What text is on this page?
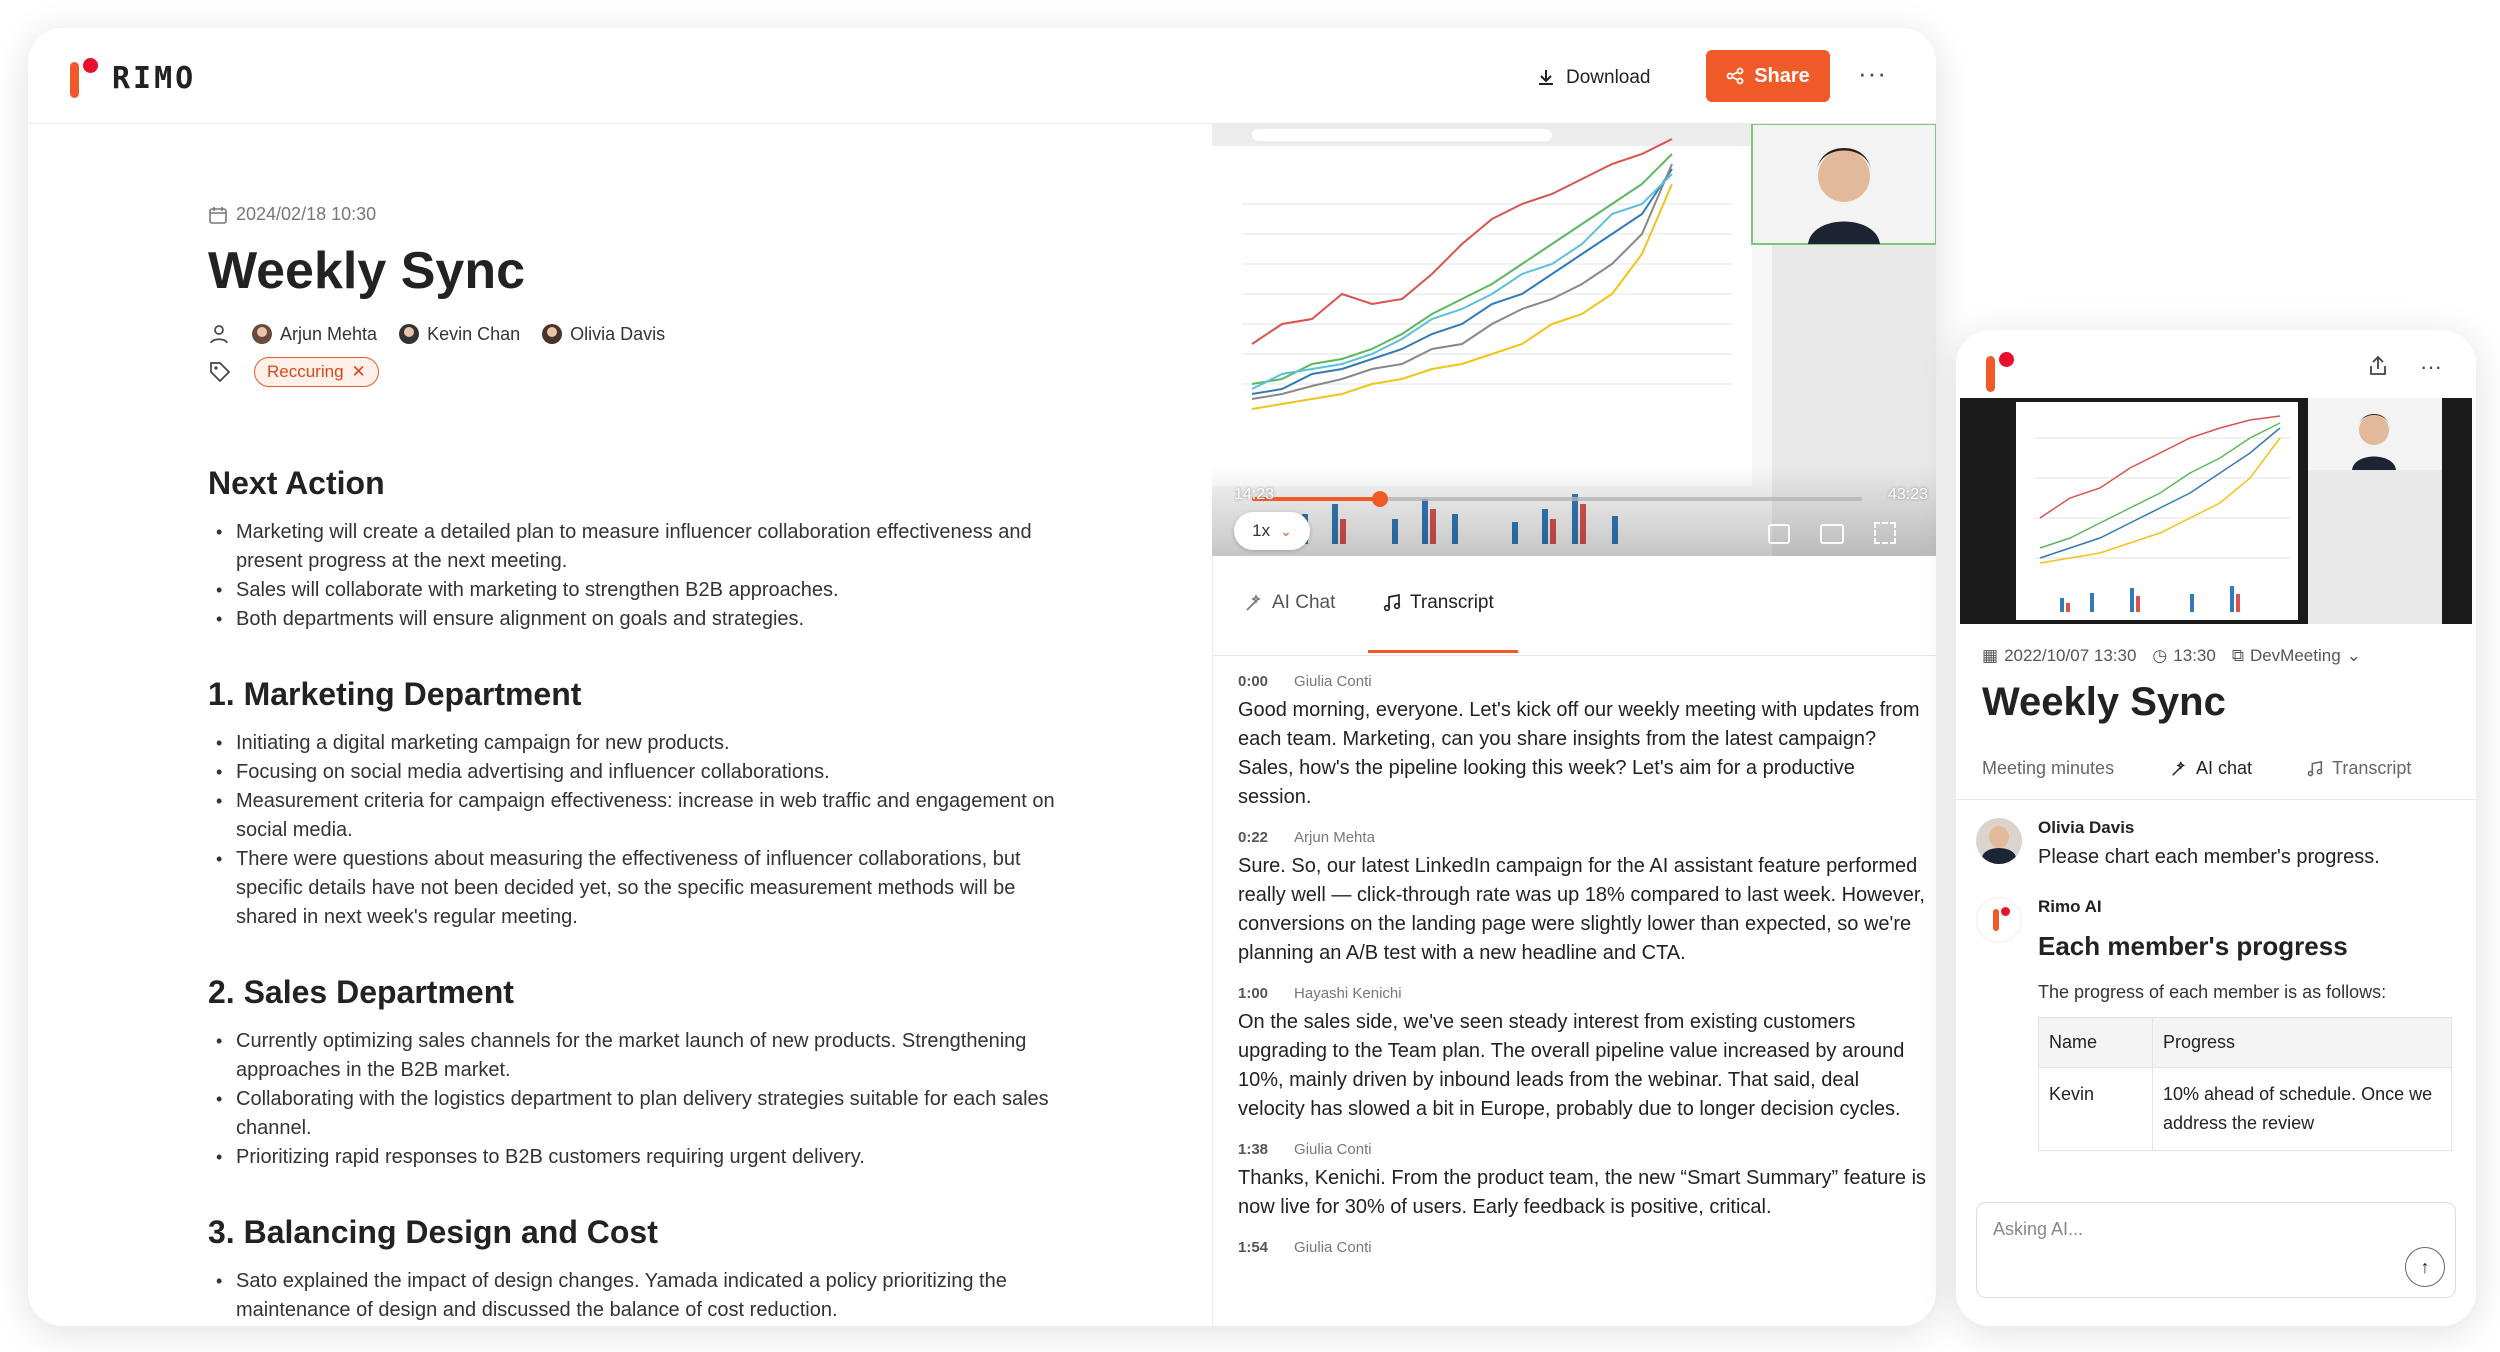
RIMO	Download	Share ···
2024/02/18 10:30
Weekly Sync
Arjun Mehta	Kevin Chan	Olivia Davis
Reccuring ✕
Next Action
• Marketing will create a detailed plan to measure influencer collaboration effectiveness and present progress at the next meeting.
• Sales will collaborate with marketing to strengthen B2B approaches.
• Both departments will ensure alignment on goals and strategies.
1. Marketing Department
• Initiating a digital marketing campaign for new products.
• Focusing on social media advertising and influencer collaborations.
• Measurement criteria for campaign effectiveness: increase in web traffic and engagement on social media.
• There were questions about measuring the effectiveness of influencer collaborations, but specific details have not been decided yet, so the specific measurement methods will be shared in next week's regular meeting.
2. Sales Department
• Currently optimizing sales channels for the market launch of new products. Strengthening approaches in the B2B market.
• Collaborating with the logistics department to plan delivery strategies suitable for each sales channel.
• Prioritizing rapid responses to B2B customers requiring urgent delivery.
3. Balancing Design and Cost
• Sato explained the impact of design changes. Yamada indicated a policy prioritizing the maintenance of design and discussed the balance of cost reduction.
14:23	43:23
1x ⌄
AI Chat	Transcript
0:00 Giulia Conti
Good morning, everyone. Let's kick off our weekly meeting with updates from each team. Marketing, can you share insights from the latest campaign? Sales, how's the pipeline looking this week? Let's aim for a productive session.
0:22 Arjun Mehta
Sure. So, our latest LinkedIn campaign for the AI assistant feature performed really well — click-through rate was up 18% compared to last week. However, conversions on the landing page were slightly lower than expected, so we're planning an A/B test with a new headline and CTA.
1:00 Hayashi Kenichi
On the sales side, we've seen steady interest from existing customers upgrading to the Team plan. The overall pipeline value increased by around 10%, mainly driven by inbound leads from the webinar. That said, deal velocity has slowed a bit in Europe, probably due to longer decision cycles.
1:38 Giulia Conti
Thanks, Kenichi. From the product team, the new “Smart Summary” feature is now live for 30% of users. Early feedback is positive, critical.
1:54 Giulia Conti
···
▦ 2022/10/07 13:30 ◷ 13:30 ⧉ DevMeeting ⌄
Weekly Sync
Meeting minutes	AI chat	Transcript
Olivia Davis
Please chart each member's progress.
Rimo AI
Each member's progress
The progress of each member is as follows:
Name	Progress
Kevin	10% ahead of schedule. Once we address the review
Asking AI...
↑
